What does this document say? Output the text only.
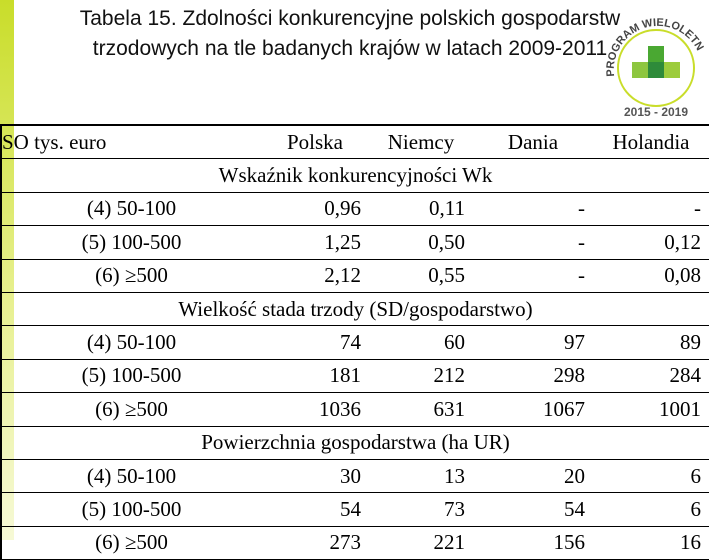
Tabela 15. Zdolności konkurencyjne polskich gospodarstw trzodowych na tle badanych krajów w latach 2009-2011
PROGRAM WIELOLETN
2015 - 2019
SO tys. euro	Polska	Niemcy	Dania	Holandia
Wskaźnik konkurencyjności Wk				
(4) 50-100	0,96	0,11	-	-
(5) 100-500	1,25	0,50	-	0,12
(6) ≥500	2,12	0,55	-	0,08
Wielkość stada trzody (SD/gospodarstwo)				
(4) 50-100	74	60	97	89
(5) 100-500	181	212	298	284
(6) ≥500	1036	631	1067	1001
Powierzchnia gospodarstwa (ha UR)				
(4) 50-100	30	13	20	6
(5) 100-500	54	73	54	6
(6) ≥500	273	221	156	16
